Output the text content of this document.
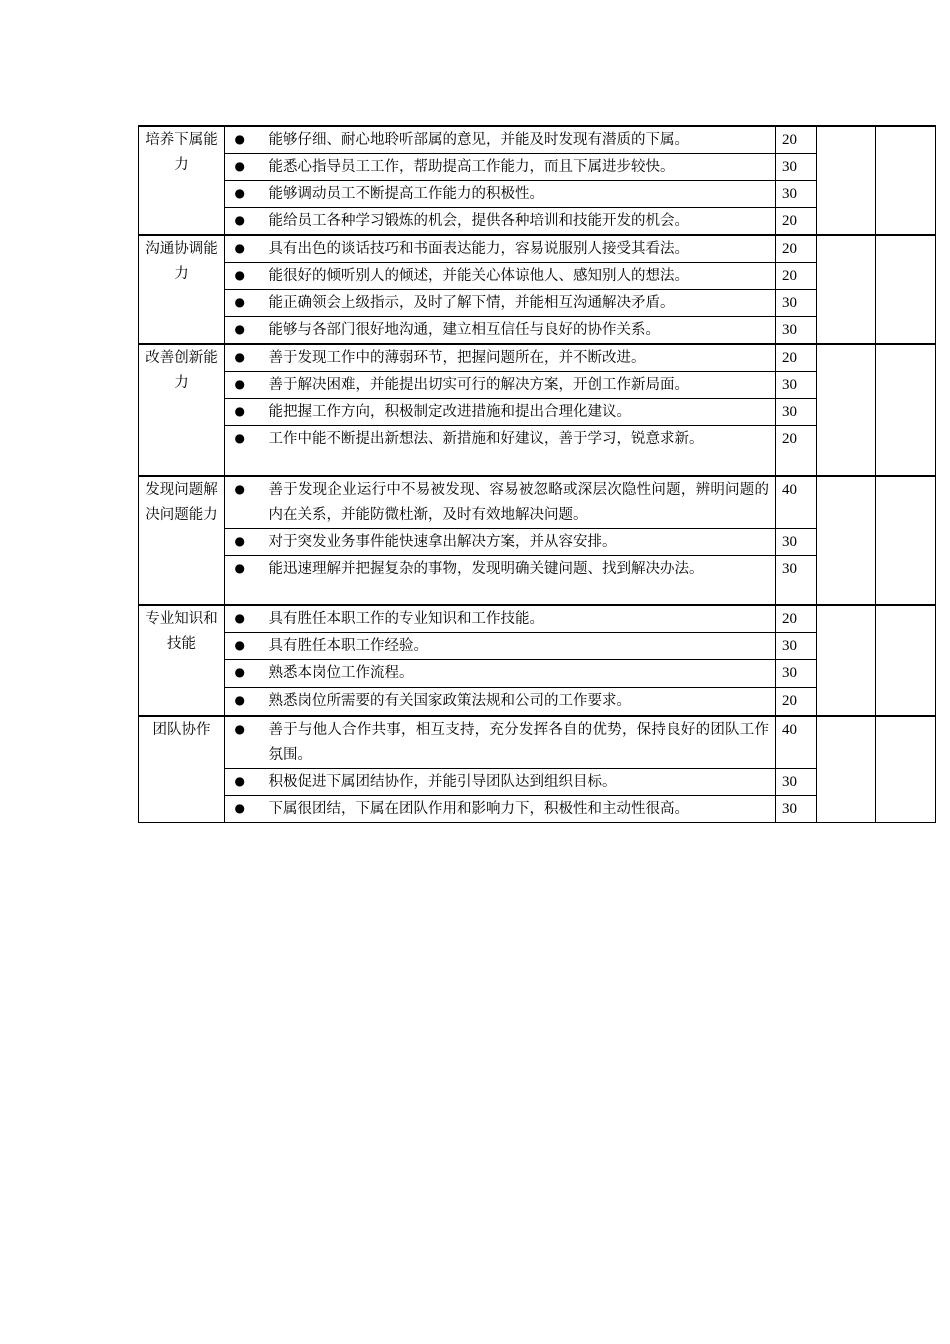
培养下属能力	●	能够仔细、耐心地聆听部属的意见，并能及时发现有潜质的下属。	20		
	●	能悉心指导员工工作，帮助提高工作能力，而且下属进步较快。	30		
	●	能够调动员工不断提高工作能力的积极性。	30		
	●	能给员工各种学习锻炼的机会，提供各种培训和技能开发的机会。	20		
沟通协调能力	●	具有出色的谈话技巧和书面表达能力，容易说服别人接受其看法。	20		
	●	能很好的倾听别人的倾述，并能关心体谅他人、感知别人的想法。	20		
	●	能正确领会上级指示，及时了解下情，并能相互沟通解决矛盾。	30		
	●	能够与各部门很好地沟通，建立相互信任与良好的协作关系。	30		
改善创新能力	●	善于发现工作中的薄弱环节，把握问题所在，并不断改进。	20		
	●	善于解决困难，并能提出切实可行的解决方案，开创工作新局面。	30		
	●	能把握工作方向，积极制定改进措施和提出合理化建议。	30		
	●	工作中能不断提出新想法、新措施和好建议，善于学习，锐意求新。	20		
发现问题解决问题能力	●	善于发现企业运行中不易被发现、容易被忽略或深层次隐性问题，辨明问题的内在关系，并能防微杜渐，及时有效地解决问题。	40		
	●	对于突发业务事件能快速拿出解决方案，并从容安排。	30		
	●	能迅速理解并把握复杂的事物，发现明确关键问题、找到解决办法。	30		
专业知识和技能	●	具有胜任本职工作的专业知识和工作技能。	20		
	●	具有胜任本职工作经验。	30		
	●	熟悉本岗位工作流程。	30		
	●	熟悉岗位所需要的有关国家政策法规和公司的工作要求。	20		
团队协作	●	善于与他人合作共事，相互支持，充分发挥各自的优势，保持良好的团队工作氛围。	40		
	●	积极促进下属团结协作，并能引导团队达到组织目标。	30		
	●	下属很团结，下属在团队作用和影响力下，积极性和主动性很高。	30		
